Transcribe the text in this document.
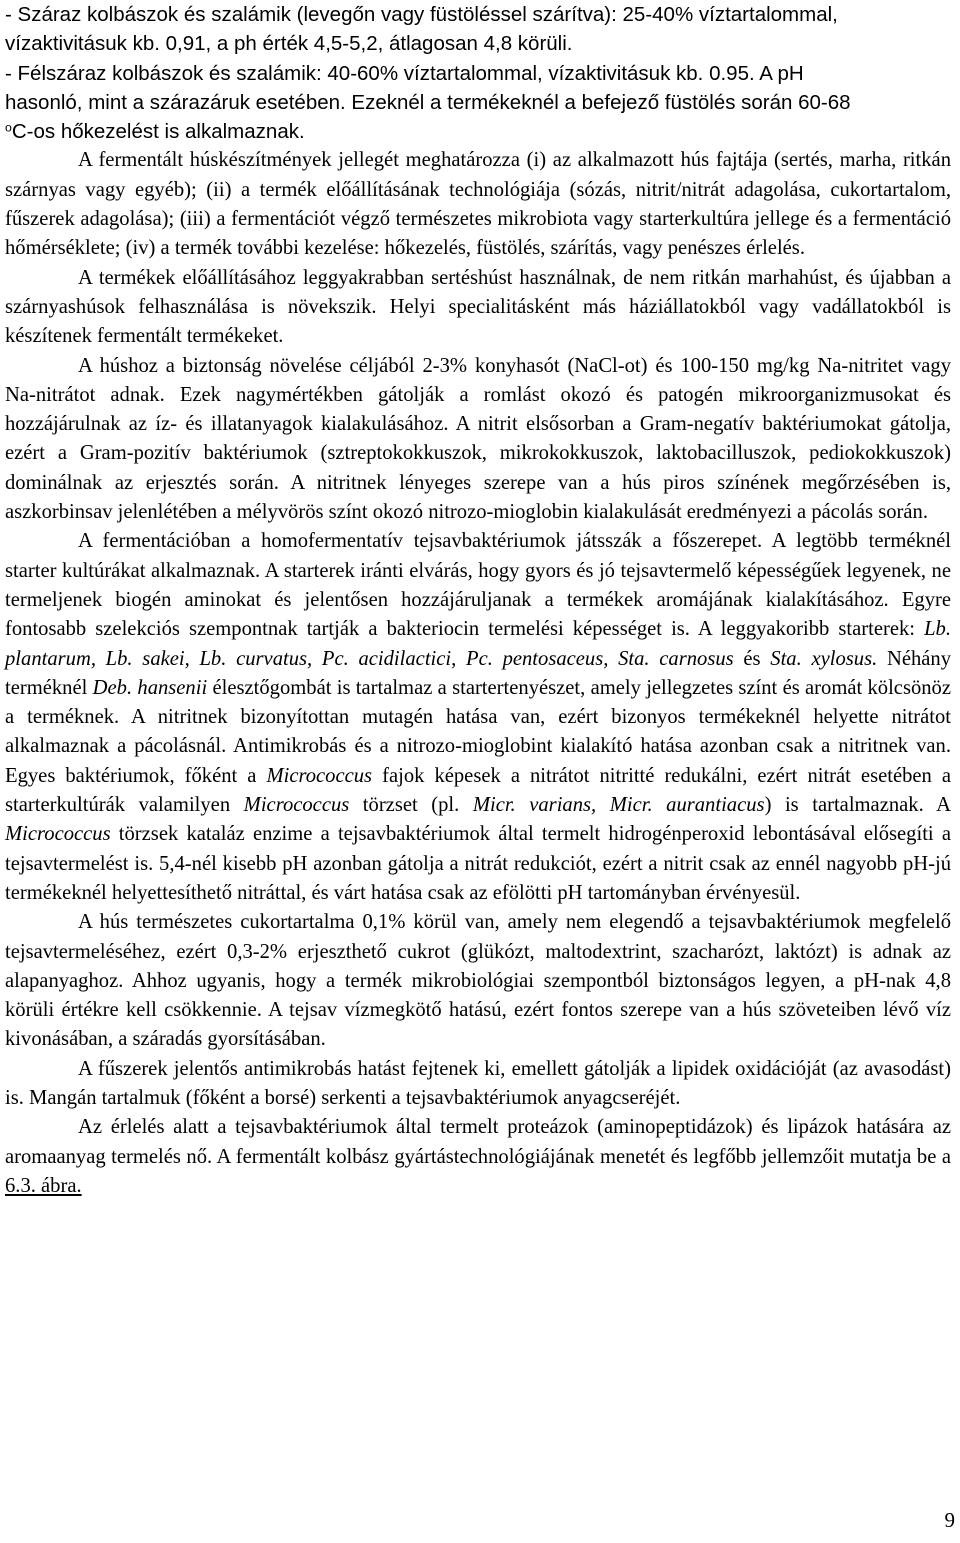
- Száraz kolbászok és szalámik (levegőn vagy füstöléssel szárítva): 25-40% víztartalommal,
vízaktivitásuk kb. 0,91, a ph érték 4,5-5,2, átlagosan 4,8 körüli.
- Félszáraz kolbászok és szalámik: 40-60% víztartalommal, vízaktivitásuk kb. 0.95. A pH
hasonló, mint a szárazáruk esetében. Ezeknél a termékeknél a befejező füstölés során 60-68
$^o$C-os hőkezelést is alkalmaznak.

A fermentált húskészítmények jellegét meghatározza (i) az alkalmazott hús fajtája (sertés, marha, ritkán szárnyas vagy egyéb); (ii) a termék előállításának technológiája (sózás, nitrit/nitrát adagolása, cukortartalom, fűszerek adagolása); (iii) a fermentációt végző természetes mikrobiota vagy starterkultúra jellege és a fermentáció hőmérséklete; (iv) a termék további kezelése: hőkezelés, füstölés, szárítás, vagy penészes érlelés.

A termékek előállításához leggyakrabban sertéshúst használnak, de nem ritkán marhahúst, és újabban a szárnyashúsok felhasználása is növekszik. Helyi specialitásként más háziállatokból vagy vadállatokból is készítenek fermentált termékeket.

A húshoz a biztonság növelése céljából 2-3% konyhasót (NaCl-ot) és 100-150 mg/kg Na-nitritet vagy Na-nitrátot adnak. Ezek nagymértékben gátolják a romlást okozó és patogén mikroorganizmusokat és hozzájárulnak az íz- és illatanyagok kialakulásához. A nitrit elsősorban a Gram-negatív baktériumokat gátolja, ezért a Gram-pozitív baktériumok (sztreptokokkuszok, mikrokokkuszok, laktobacilluszok, pediokokkuszok) dominálnak az erjesztés során. A nitritnek lényeges szerepe van a hús piros színének megőrzésében is, aszkorbinsav jelenlétében a mélyvörös színt okozó nitrozo-mioglobin kialakulását eredményezi a pácolás során.

A fermentációban a homofermentatív tejsavbaktériumok játsszák a főszerepet. A legtöbb terméknél starter kultúrákat alkalmaznak. A starterek iránti elvárás, hogy gyors és jó tejsavtermelő képességűek legyenek, ne termeljenek biogén aminokat és jelentősen hozzájáruljanak a termékek aromájának kialakításához. Egyre fontosabb szelekciós szempontnak tartják a bakteriocin termelési képességet is. A leggyakoribb starterek: Lb. plantarum, Lb. sakei, Lb. curvatus, Pc. acidilactici, Pc. pentosaceus, Sta. carnosus és Sta. xylosus. Néhány terméknél Deb. hansenii élesztőgombát is tartalmaz a startertenyészet, amely jellegzetes színt és aromát kölcsönöz a terméknek. A nitritnek bizonyítottan mutagén hatása van, ezért bizonyos termékeknél helyette nitrátot alkalmaznak a pácolásnál. Antimikrobás és a nitrozo-mioglobint kialakító hatása azonban csak a nitritnek van. Egyes baktériumok, főként a Micrococcus fajok képesek a nitrátot nitritté redukálni, ezért nitrát esetében a starterkultúrák valamilyen Micrococcus törzset (pl. Micr. varians, Micr. aurantiacus) is tartalmaznak. A Micrococcus törzsek kataláz enzime a tejsavbaktériumok által termelt hidrogénperoxid lebontásával elősegíti a tejsavtermelést is. 5,4-nél kisebb pH azonban gátolja a nitrát redukciót, ezért a nitrit csak az ennél nagyobb pH-jú termékeknél helyettesíthető nitráttal, és várt hatása csak az efölötti pH tartományban érvényesül.

A hús természetes cukortartalma 0,1% körül van, amely nem elegendő a tejsavbaktériumok megfelelő tejsavtermeléséhez, ezért 0,3-2% erjeszthető cukrot (glükózt, maltodextrint, szacharózt, laktózt) is adnak az alapanyaghoz. Ahhoz ugyanis, hogy a termék mikrobiológiai szempontból biztonságos legyen, a pH-nak 4,8 körüli értékre kell csökkennie. A tejsav vízmegkötő hatású, ezért fontos szerepe van a hús szöveteiben lévő víz kivonásában, a száradás gyorsításában.

A fűszerek jelentős antimikrobás hatást fejtenek ki, emellett gátolják a lipidek oxidációját (az avasodást) is. Mangán tartalmuk (főként a borsé) serkenti a tejsavbaktériumok anyagcseréjét.

Az érlelés alatt a tejsavbaktériumok által termelt proteázok (aminopeptidázok) és lipázok hatására az aromaanyag termelés nő. A fermentált kolbász gyártástechnológiájának menetét és legfőbb jellemzőit mutatja be a 6.3. ábra.

9
